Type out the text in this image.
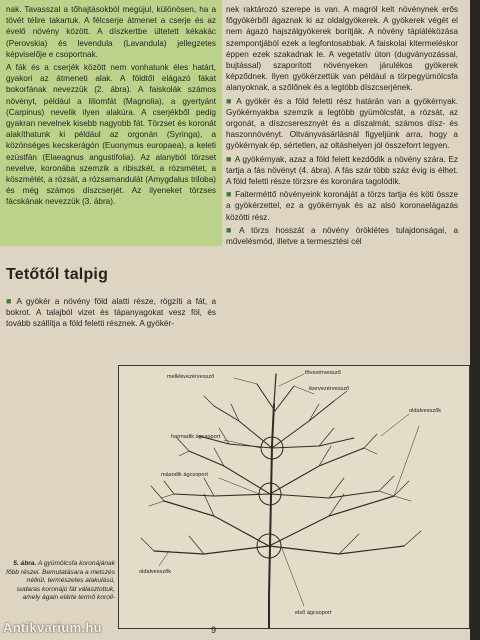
nak. Tavasszal a tőhajtásokból megújul, különösen, ha a tövét télire takartuk. A félcserje átmenet a cserje és az évelő növény között. A díszkertbe ültetett kékakác (Perovskia) és levendula (Lavandula) jellegzetes képviselője e csoportnak.

A fák és a cserjék között nem vonhatunk éles határt, gyakori az átmeneti alak. A földtől elágazó fákat bokorfának nevezzük (2. ábra). A faiskolák számos növényt, például a liliomfát (Magnolia), a gyertyánt (Carpinus) nevelik ilyen alakúra. A cserjékből pedig gyakran nevelnek kisebb nagyobb fát. Törzset és koronát alakíthatunk ki például az orgonán (Syringa), a közönséges kecskerágón (Euonymus europaea), a keleti ezüstfán (Elaeagnus angustifolia). Az alanyból törzset nevelve, koronába szemzik a ribiszkét, a rózsmétet, a köszmétét, a rózsát, a rózsamandulát (Amygdalus triloba) és még számos díszcserjét. Az ilyeneket törzses fácskának nevezzük (3. ábra).

Tetőtől talpig

■ A gyökér a növény föld alatti része, rögzíti a fát, a bokrot. A talajból vizet és tápanyagokat vesz föl, és tovább szállítja a föld feletti résznek. A gyökér-

nek raktározó szerepe is van. A magról kelt növénynek erős főgyökérből ágaznak ki az oldalgyökerek. A gyökerek végét el nem ágazó hajszálgyökerek borítják. A növény tápláléközása szempontjából ezek a legfontosabbak. A faiskolai kitermeléskor éppen ezek szakadnak le. A vegetatív úton (dugványozással, bujtással) szaporított növényeken járulékos gyökerek képződnek. Ilyen gyökérzettük van például a törpegyümölcsfa alanyoknak, a szőlőnek és a legtöbb díszcserjének.

■ A gyökér és a föld feletti rész határán van a gyökérnyak. Gyökérnyakba szemzik a legtöbb gyümölcsfát, a rózsát, az orgonát, a díszcseresznyét és a díszalmát, számos dísz- és haszonnövényt. Oltványvásárlásnál figyeljünk arra, hogy a gyökérnyak ép, sértetlen, az oltáshelyen jól összeforrt legyen.

■ A gyökérnyak, azaz a föld felett kezdődik a növény szára. Ez tartja a fás növényt (4. ábra). A fás szár több száz évig is élhet. A föld feletti része törzsre és koronára tagolódik.

■ Faiterméttő növényeink koronáját a törzs tartja és köti össze a gyökérzettel, ez a gyökérnyak és az alsó koronaelágazás közötti rész.

■ A törzs hosszát a növény öröklétes tulajdonságai, a művelésmód, illetve a termesztési cél

fővezérvessző
mellékvezérvessző
ikervezérvessző
harmadik ágcsoport
oldalvesszők
második ágcsoport
oldalvesszők
első ágcsoport
5. ábra. A gyümölcsfa koronájának főbb részei. Bemutatásara a metszés nélkül, természetes alakulású, sudaras koronájú fát választottuk, amely ágain elárte termő koroll-
9
Antikvarium.hu
